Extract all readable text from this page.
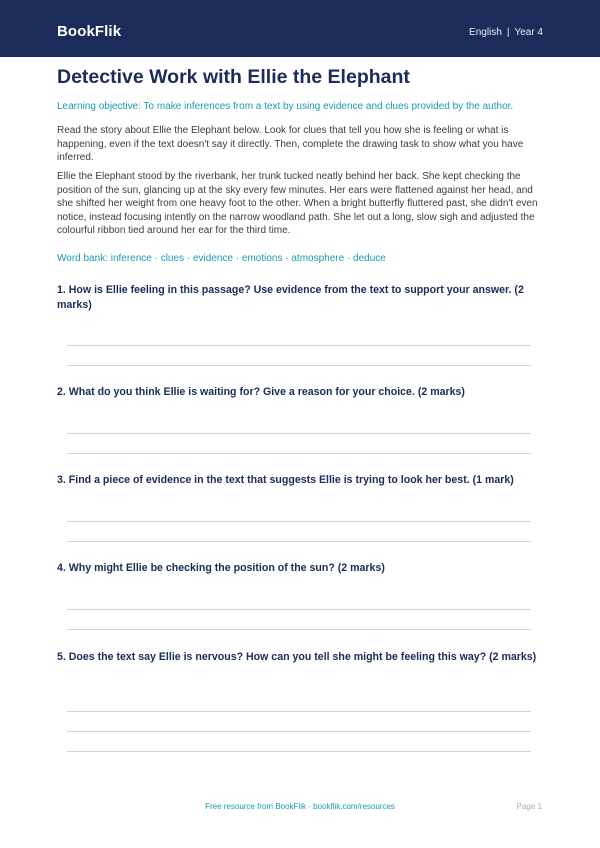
BookFlik	English | Year 4
Detective Work with Ellie the Elephant
Learning objective: To make inferences from a text by using evidence and clues provided by the author.

Read the story about Ellie the Elephant below. Look for clues that tell you how she is feeling or what is happening, even if the text doesn't say it directly. Then, complete the drawing task to show what you have inferred.

Ellie the Elephant stood by the riverbank, her trunk tucked neatly behind her back. She kept checking the position of the sun, glancing up at the sky every few minutes. Her ears were flattened against her head, and she shifted her weight from one heavy foot to the other. When a bright butterfly fluttered past, she didn't even notice, instead focusing intently on the narrow woodland path. She let out a long, slow sigh and adjusted the colourful ribbon tied around her ear for the third time.

Word bank: inference · clues · evidence · emotions · atmosphere · deduce

1. How is Ellie feeling in this passage? Use evidence from the text to support your answer. (2 marks)

2. What do you think Ellie is waiting for? Give a reason for your choice. (2 marks)

3. Find a piece of evidence in the text that suggests Ellie is trying to look her best. (1 mark)

4. Why might Ellie be checking the position of the sun? (2 marks)

5. Does the text say Ellie is nervous? How can you tell she might be feeling this way? (2 marks)

Free resource from BookFlik · bookflik.com/resources	Page 1
